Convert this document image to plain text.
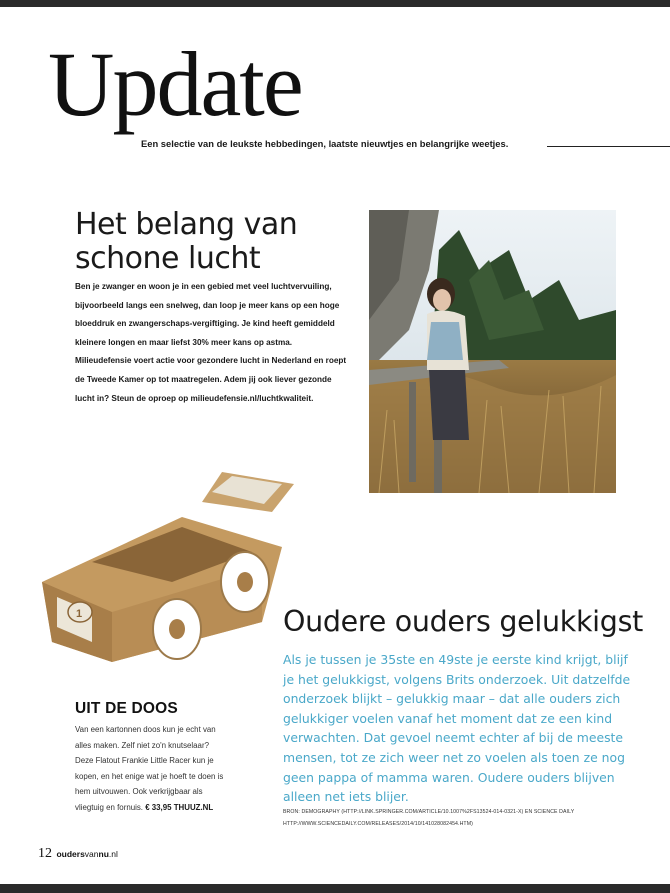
Update
Een selectie van de leukste hebbedingen, laatste nieuwtjes en belangrijke weetjes.
Het belang van
schone lucht
Ben je zwanger en woon je in een gebied met veel luchtvervuiling, bijvoorbeeld langs een snelweg, dan loop je meer kans op een hoge bloeddruk en zwangerschaps-vergiftiging. Je kind heeft gemiddeld kleinere longen en maar liefst 30% meer kans op astma. Milieudefensie voert actie voor gezondere lucht in Nederland en roept de Tweede Kamer op tot maatregelen. Adem jij ook liever gezonde lucht in? Steun de oproep op milieudefensie.nl/luchtkwaliteit.
1
UIT DE DOOS
Van een kartonnen doos kun je echt van alles maken. Zelf niet zo'n knutselaar? Deze Flatout Frankie Little Racer kun je kopen, en het enige wat je hoeft te doen is hem uitvouwen. Ook verkrijgbaar als vliegtuig en fornuis. € 33,95 THUUZ.NL
Oudere ouders gelukkigst
Als je tussen je 35ste en 49ste je eerste kind krijgt, blijf je het gelukkigst, volgens Brits onderzoek. Uit datzelfde onderzoek blijkt – gelukkig maar – dat alle ouders zich gelukkiger voelen vanaf het moment dat ze een kind verwachten. Dat gevoel neemt echter af bij de meeste mensen, tot ze zich weer net zo voelen als toen ze nog geen pappa of mamma waren. Oudere ouders blijven alleen net iets blijer.
BRON: DEMOGRAPHY (HTTP://LINK.SPRINGER.COM/ARTICLE/10.1007%2FS13524-014-0321-X) EN SCIENCE DAILY HTTP://WWW.SCIENCEDAILY.COM/RELEASES/2014/10/141028082454.HTM)
12 oudersvannu.nl
